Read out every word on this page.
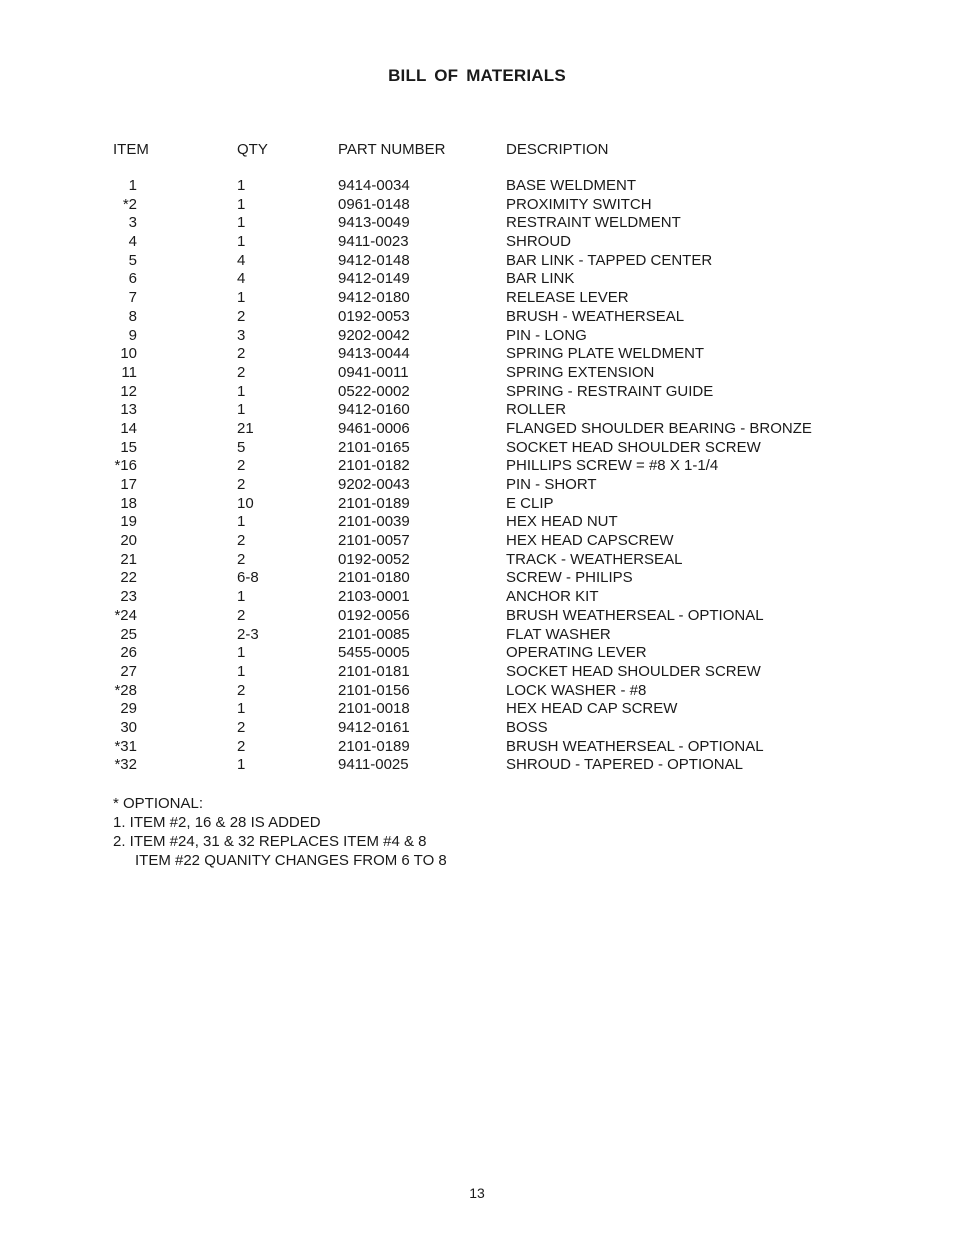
BILL OF MATERIALS
ITEM	QTY	PART NUMBER	DESCRIPTION
1	1	9414-0034	BASE WELDMENT
*2	1	0961-0148	PROXIMITY SWITCH
3	1	9413-0049	RESTRAINT WELDMENT
4	1	9411-0023	SHROUD
5	4	9412-0148	BAR LINK - TAPPED CENTER
6	4	9412-0149	BAR LINK
7	1	9412-0180	RELEASE LEVER
8	2	0192-0053	BRUSH - WEATHERSEAL
9	3	9202-0042	PIN - LONG
10	2	9413-0044	SPRING PLATE WELDMENT
11	2	0941-0011	SPRING EXTENSION
12	1	0522-0002	SPRING - RESTRAINT GUIDE
13	1	9412-0160	ROLLER
14	21	9461-0006	FLANGED SHOULDER BEARING - BRONZE
15	5	2101-0165	SOCKET HEAD SHOULDER SCREW
*16	2	2101-0182	PHILLIPS SCREW = #8 X 1-1/4
17	2	9202-0043	PIN - SHORT
18	10	2101-0189	E CLIP
19	1	2101-0039	HEX HEAD NUT
20	2	2101-0057	HEX HEAD CAPSCREW
21	2	0192-0052	TRACK - WEATHERSEAL
22	6-8	2101-0180	SCREW - PHILIPS
23	1	2103-0001	ANCHOR KIT
*24	2	0192-0056	BRUSH WEATHERSEAL - OPTIONAL
25	2-3	2101-0085	FLAT WASHER
26	1	5455-0005	OPERATING LEVER
27	1	2101-0181	SOCKET HEAD SHOULDER SCREW
*28	2	2101-0156	LOCK WASHER - #8
29	1	2101-0018	HEX HEAD CAP SCREW
30	2	9412-0161	BOSS
*31	2	2101-0189	BRUSH WEATHERSEAL - OPTIONAL
*32	1	9411-0025	SHROUD - TAPERED - OPTIONAL
* OPTIONAL:
1. ITEM #2, 16 & 28 IS ADDED
2. ITEM #24, 31 & 32 REPLACES ITEM #4 & 8
ITEM #22 QUANITY CHANGES FROM 6 TO 8
13
